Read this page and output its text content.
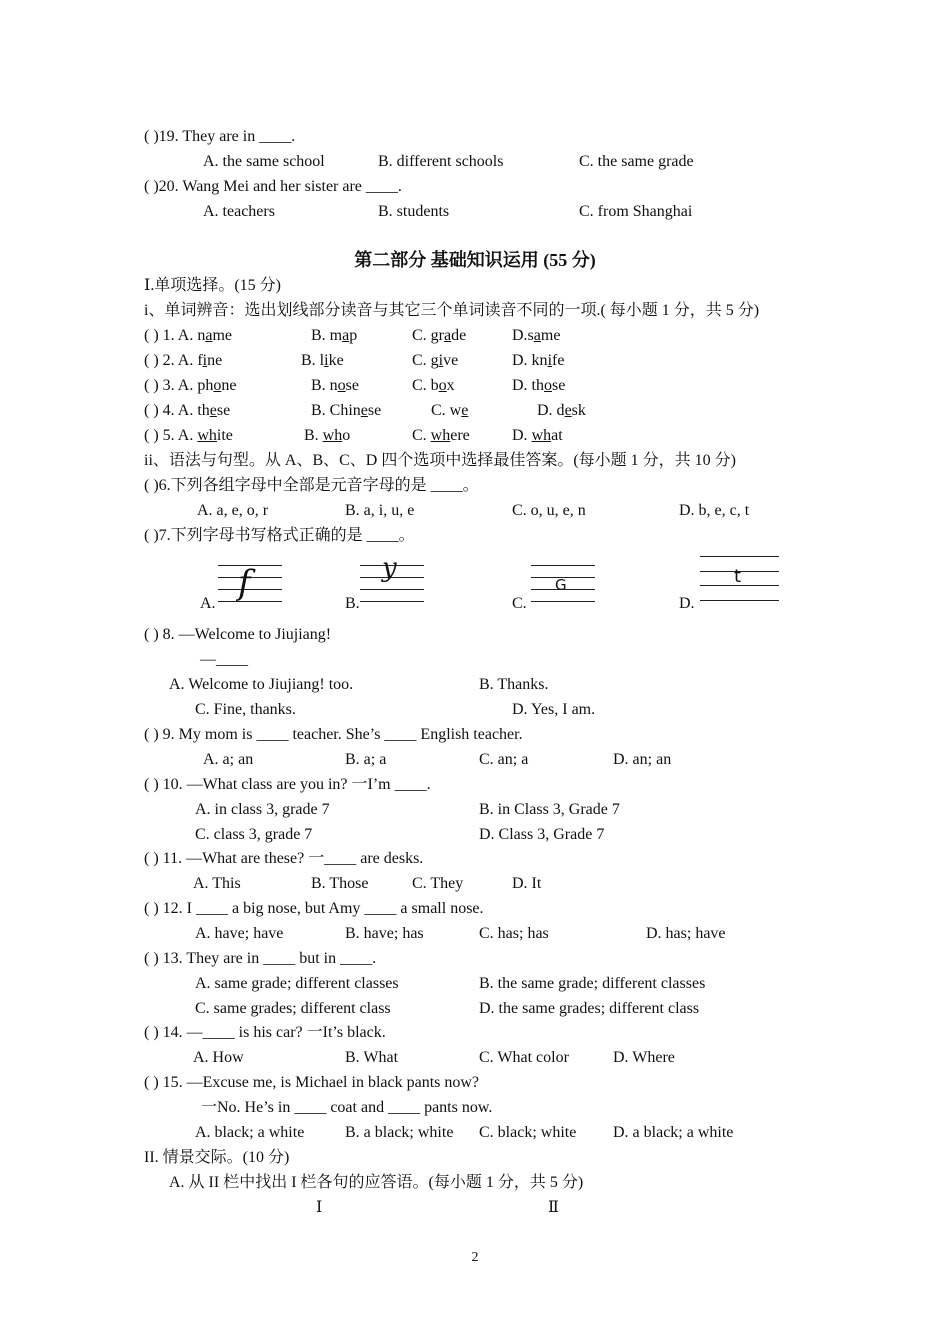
( )19. They are in ____.
A. the same school	B. different schools	C. the same grade
( )20. Wang Mei and her sister are ____.
A. teachers	B. students	C. from Shanghai
第二部分 基础知识运用 (55 分)
Ⅰ.单项选择。(15 分)
i、单词辨音：选出划线部分读音与其它三个单词读音不同的一项.( 每小题 1 分，共 5 分)
( ) 1. A. name	B. map	C. grade	D.same
( ) 2. A. fine	B. like	C. give	D. knife
( ) 3. A. phone	B. nose	C. box	D. those
( ) 4. A. these	B. Chinese	C. we	D. desk
( ) 5. A. white	B. who	C. where	D. what
ii、语法与句型。从 A、B、C、D 四个选项中选择最佳答案。(每小题 1 分，共 10 分)
( )6.下列各组字母中全部是元音字母的是 ____。
A. a, e, o, r	B. a, i, u, e	C. o, u, e, n	D. b, e, c, t
( )7.下列字母书写格式正确的是 ____。
A.	B.	C.	D.
f	y
G	t
( ) 8. —Welcome to Jiujiang!
—____
A. Welcome to Jiujiang! too.	B. Thanks.
C. Fine, thanks.	D. Yes, I am.
( ) 9. My mom is ____ teacher. She’s ____ English teacher.
A. a; an	B. a; a	C. an; a	D. an; an
( ) 10. —What class are you in? 一I’m ____.
A. in class 3, grade 7	B. in Class 3, Grade 7
C. class 3, grade 7	D. Class 3, Grade 7
( ) 11. —What are these? 一____ are desks.
A. This	B. Those	C. They	D. It
( ) 12. I ____ a big nose, but Amy ____ a small nose.
A. have; have	B. have; has	C. has; has	D. has; have
( ) 13. They are in ____ but in ____.
A. same grade; different classes	B. the same grade; different classes
C. same grades; different class	D. the same grades; different class
( ) 14. —____ is his car? 一It’s black.
A. How	B. What	C. What color	D. Where
( ) 15. —Excuse me, is Michael in black pants now?
一No. He’s in ____ coat and ____ pants now.
A. black; a white	B. a black; white C. black; white D. a black; a white
II. 情景交际。(10 分)
A. 从 II 栏中找出 I 栏各句的应答语。(每小题 1 分，共 5 分)
Ⅰ	Ⅱ
2
